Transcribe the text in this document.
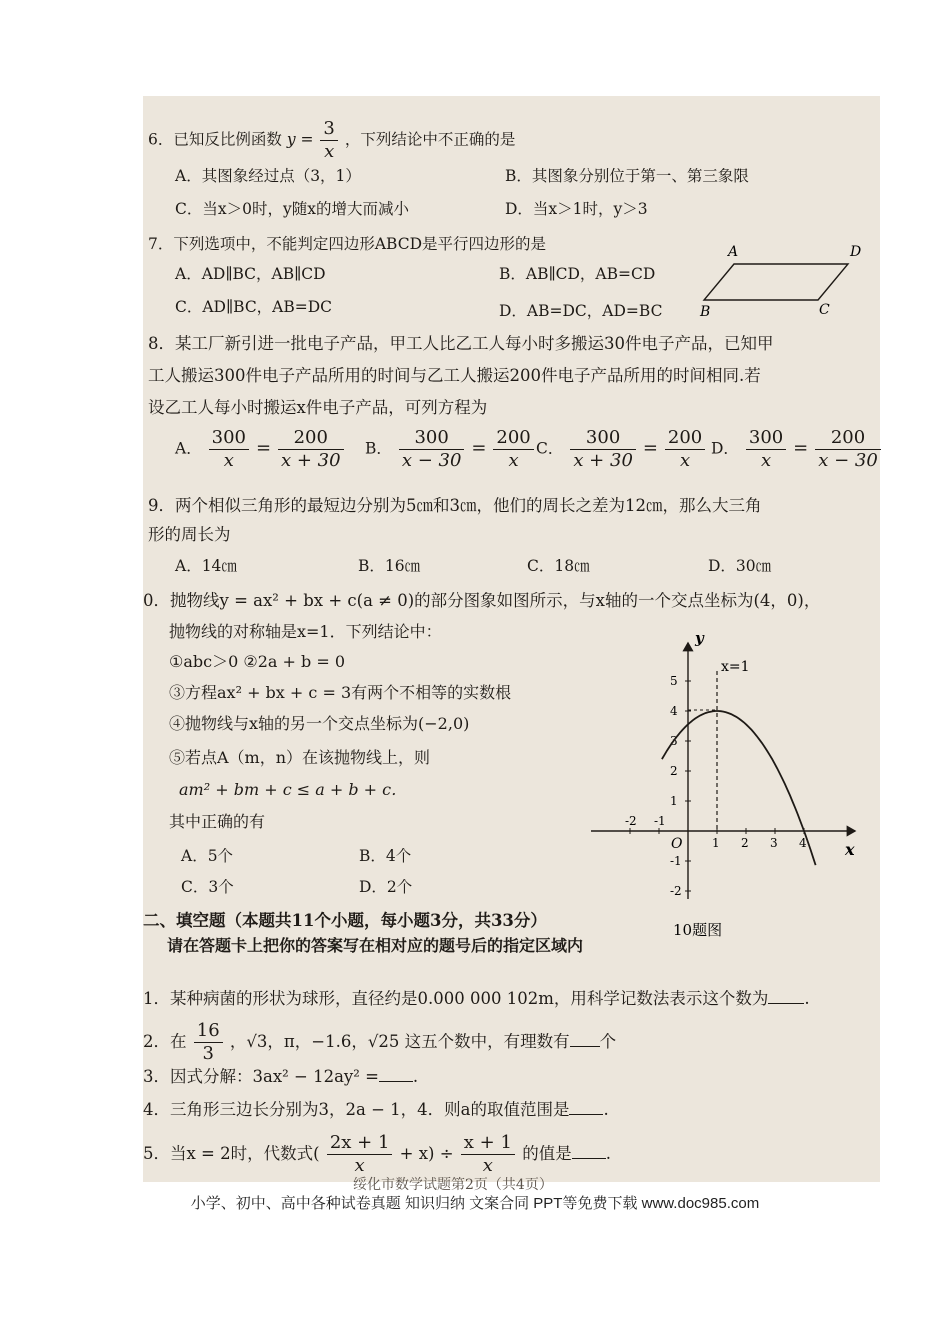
6．已知反比例函数 $y = \frac{3}{x}$ ，下列结论中不正确的是
A．其图象经过点（3，1）	B．其图象分别位于第一、第三象限
C．当x＞0时，y随x的增大而减小	D．当x＞1时，y＞3
7．下列选项中，不能判定四边形ABCD是平行四边形的是
A．AD∥BC，AB∥CD	B．AB∥CD，AB=CD
C．AD∥BC，AB=DC	D．AB=DC，AD=BC
A	D
B	C
8．某工厂新引进一批电子产品，甲工人比乙工人每小时多搬运30件电子产品，已知甲
工人搬运300件电子产品所用的时间与乙工人搬运200件电子产品所用的时间相同.若
设乙工人每小时搬运x件电子产品，可列方程为
A． $\frac{300}{x} = \frac{200}{x + 30}$ B． $\frac{300}{x - 30} = \frac{200}{x}$ C． $\frac{300}{x + 30} = \frac{200}{x}$ D． $\frac{300}{x} = \frac{200}{x - 30}$
9．两个相似三角形的最短边分别为5㎝和3㎝，他们的周长之差为12㎝，那么大三角
形的周长为
A．14㎝	B．16㎝	C．18㎝	D．30㎝
0．抛物线y = ax² + bx + c(a ≠ 0)的部分图象如图所示，与x轴的一个交点坐标为(4，0)，
抛物线的对称轴是x=1．下列结论中：
①abc＞0 ②2a + b = 0
③方程ax² + bx + c = 3有两个不相等的实数根
④抛物线与x轴的另一个交点坐标为(−2,0)
⑤若点A（m，n）在该抛物线上，则
am² + bm + c ≤ a + b + c．
其中正确的有
A．5个	B．4个
C．3个	D．2个
-2 -1
1 2 3 4
5
4
3
2
1
-1
-2
y
x
x=1
O
10题图
二、填空题（本题共11个小题，每小题3分，共33分）
请在答题卡上把你的答案写在相对应的题号后的指定区域内
1．某种病菌的形状为球形，直径约是0.000 000 102m，用科学记数法表示这个数为 .
2．在 $\frac{16}{3}$ ，√3，π，−1.6，√25 这五个数中，有理数有 个
3．因式分解：3ax² − 12ay² = .
4．三角形三边长分别为3，2a − 1，4．则a的取值范围是 .
5．当x = 2时，代数式( $\frac{2x + 1}{x} + x) \div \frac{x + 1}{x}$ 的值是 .
绥化市数学试题第2页（共4页）
小学、初中、高中各种试卷真题 知识归纳 文案合同 PPT等免费下载 www.doc985.com
